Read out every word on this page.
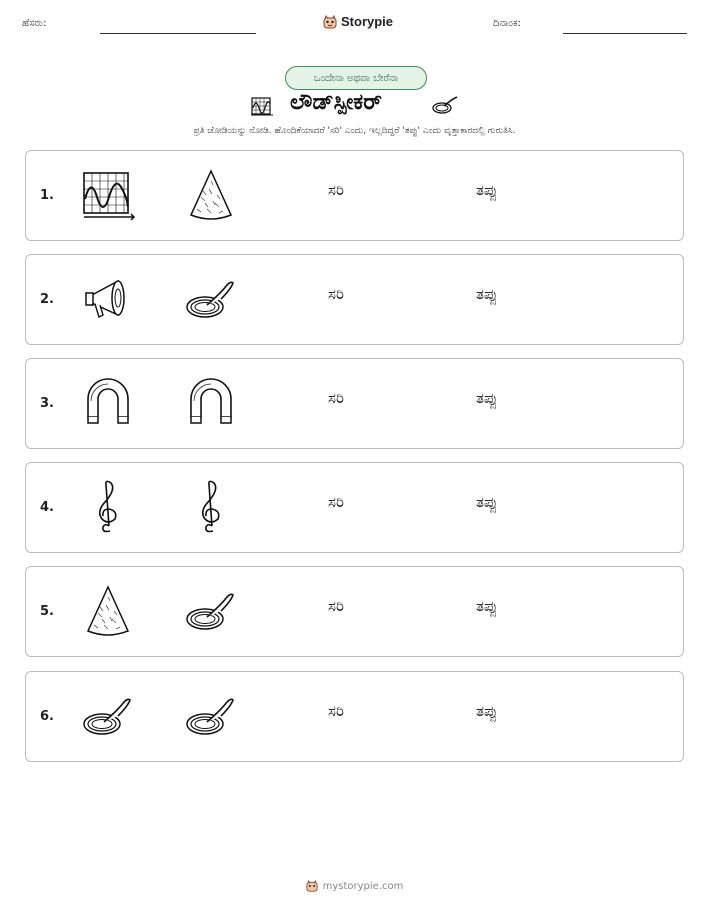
ಹೆಸರು:	Storypie	ದಿನಾಂಕ:
ಒಂದೇನಾ ಅಥವಾ ಬೇರೆನಾ
ಲೌಡ್‌ಸ್ಪೀಕರ್
ಪ್ರತಿ ಜೋಡಿಯನ್ನು ನೋಡಿ. ಹೊಂದಿಕೆಯಾದರೆ 'ಸರಿ' ಎಂದು, ಇಲ್ಲದಿದ್ದರೆ 'ತಪ್ಪು' ಎಂದು ವೃತ್ತಾಕಾರದಲ್ಲಿ ಗುರುತಿಸಿ.
1.	ಸರಿ	ತಪ್ಪು
2.	ಸರಿ	ತಪ್ಪು
3.	ಸರಿ	ತಪ್ಪು
4.	ಸರಿ	ತಪ್ಪು
5.	ಸರಿ	ತಪ್ಪು
6.	ಸರಿ	ತಪ್ಪು
mystorypie.com
